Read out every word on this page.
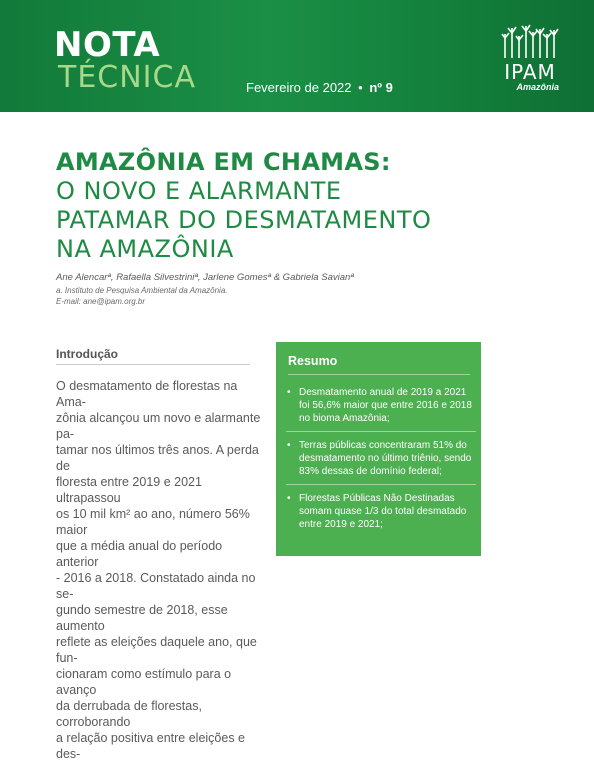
NOTA
TÉCNICA	Fevereiro de 2022 • nº 9
IPAM
Amazônia
AMAZÔNIA EM CHAMAS:
O NOVO E ALARMANTE
PATAMAR DO DESMATAMENTO
NA AMAZÔNIA
Ane Alencarª, Rafaella Silvestriniª, Jarlene Gomesª & Gabriela Savianª
a. Instituto de Pesquisa Ambiental da Amazônia.
E-mail: ane@ipam.org.br
Introdução
O desmatamento de florestas na Ama-
zônia alcançou um novo e alarmante pa-
tamar nos últimos três anos. A perda de
floresta entre 2019 e 2021 ultrapassou
os 10 mil km² ao ano, número 56% maior
que a média anual do período anterior
- 2016 a 2018. Constatado ainda no se-
gundo semestre de 2018, esse aumento
reflete as eleições daquele ano, que fun-
cionaram como estímulo para o avanço
da derrubada de florestas, corroborando
a relação positiva entre eleições e des-
Resumo
• Desmatamento anual de 2019 a 2021 foi 56,6% maior que entre 2016 e 2018 no bioma Amazônia;
• Terras públicas concentraram 51% do desmatamento no último triênio, sendo 83% dessas de domínio federal;
• Florestas Públicas Não Destinadas somam quase 1/3 do total desmatado entre 2019 e 2021;
